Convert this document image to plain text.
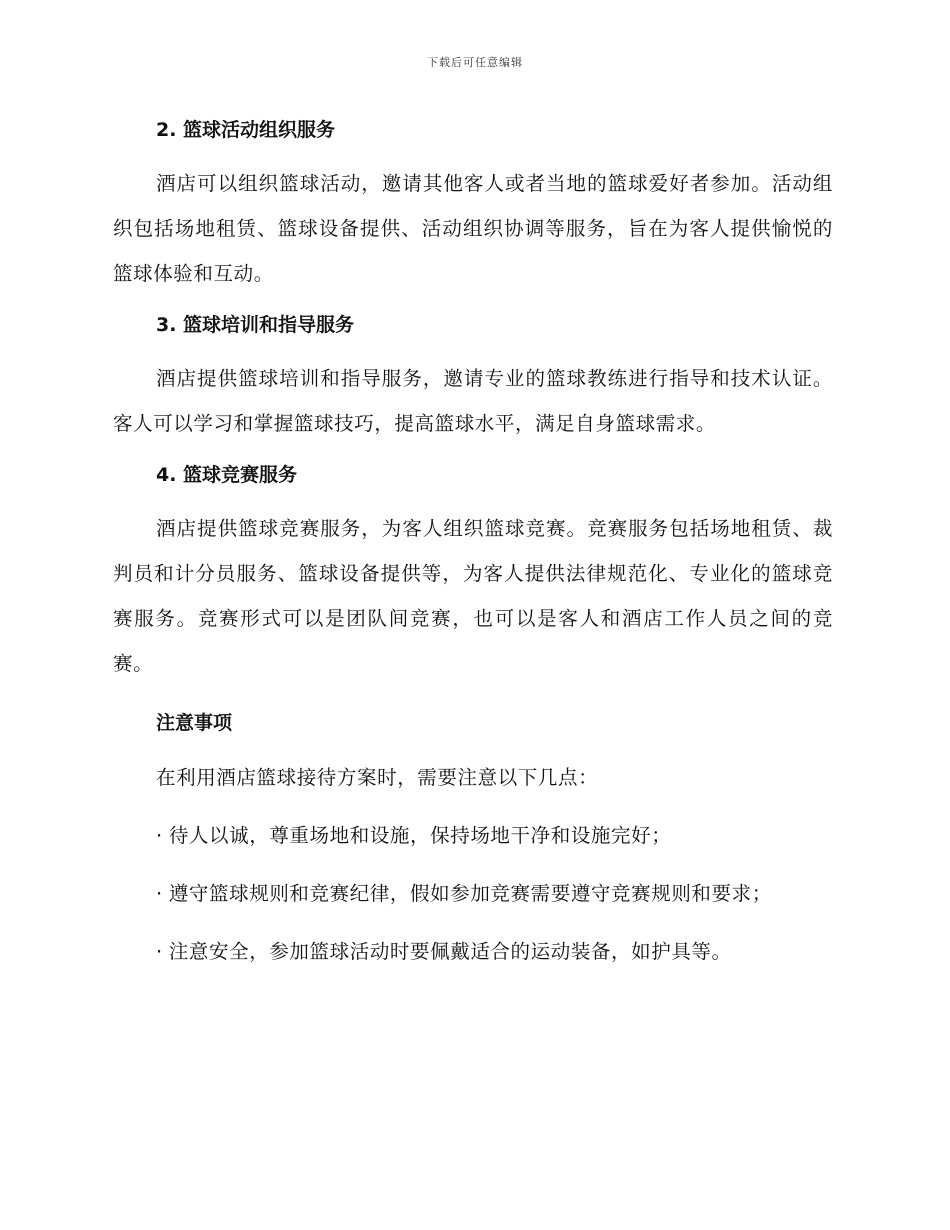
下载后可任意编辑
2. 篮球活动组织服务

酒店可以组织篮球活动，邀请其他客人或者当地的篮球爱好者参加。活动组织包括场地租赁、篮球设备提供、活动组织协调等服务，旨在为客人提供愉悦的篮球体验和互动。

3. 篮球培训和指导服务

酒店提供篮球培训和指导服务，邀请专业的篮球教练进行指导和技术认证。客人可以学习和掌握篮球技巧，提高篮球水平，满足自身篮球需求。

4. 篮球竞赛服务

酒店提供篮球竞赛服务，为客人组织篮球竞赛。竞赛服务包括场地租赁、裁判员和计分员服务、篮球设备提供等，为客人提供法律规范化、专业化的篮球竞赛服务。竞赛形式可以是团队间竞赛，也可以是客人和酒店工作人员之间的竞赛。

注意事项
在利用酒店篮球接待方案时，需要注意以下几点：
· 待人以诚，尊重场地和设施，保持场地干净和设施完好；
· 遵守篮球规则和竞赛纪律，假如参加竞赛需要遵守竞赛规则和要求；
· 注意安全，参加篮球活动时要佩戴适合的运动装备，如护具等。
